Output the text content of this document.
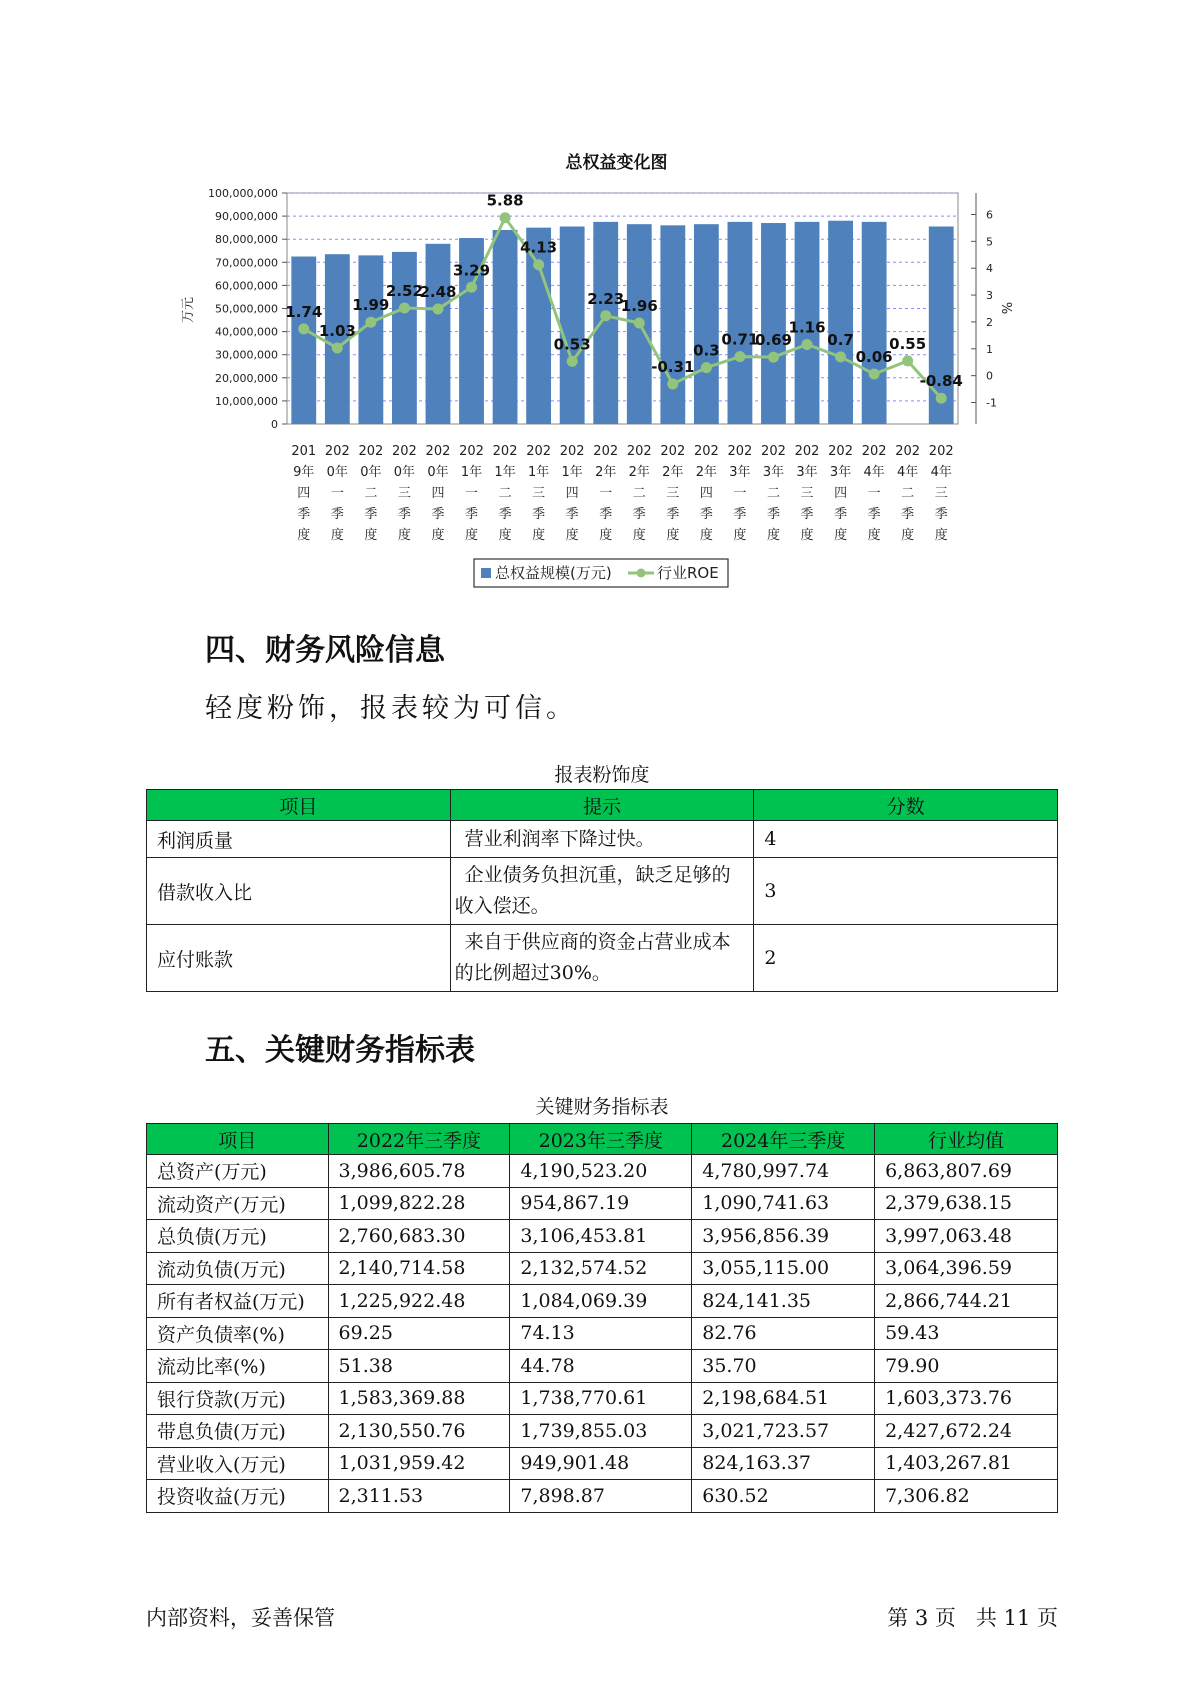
总权益变化图
100,000,000
90,000,000
80,000,000
70,000,000
60,000,000
50,000,000
40,000,000
30,000,000
20,000,000
10,000,000
0
万元
6
5
4
3
2
1
0
-1
%
201
9年
四
季
度
202
0年
一
季
度
202
0年
二
季
度
202
0年
三
季
度
202
0年
四
季
度
202
1年
一
季
度
202
1年
二
季
度
202
1年
三
季
度
202
1年
四
季
度
202
2年
一
季
度
202
2年
二
季
度
202
2年
三
季
度
202
2年
四
季
度
202
3年
一
季
度
202
3年
二
季
度
202
3年
三
季
度
202
3年
四
季
度
202
4年
一
季
度
202
4年
二
季
度
202
4年
三
季
度
1.74
1.03
1.99
2.52
2.48
3.29
5.88
4.13
0.53
2.23
1.96
-0.31
0.3
0.71
0.69
1.16
0.7
0.06
0.55
-0.84
总权益规模(万元)	行业ROE
四、财务风险信息

轻度粉饰，报表较为可信。

报表粉饰度

项目	提示	分数
利润质量	营业利润率下降过快。	4
借款收入比	企业债务负担沉重，缺乏足够的收入偿还。	3
应付账款	来自于供应商的资金占营业成本的比例超过30%。	2
五、关键财务指标表

关键财务指标表

项目	2022年三季度	2023年三季度	2024年三季度	行业均值
总资产(万元)	3,986,605.78	4,190,523.20	4,780,997.74	6,863,807.69
流动资产(万元)	1,099,822.28	954,867.19	1,090,741.63	2,379,638.15
总负债(万元)	2,760,683.30	3,106,453.81	3,956,856.39	3,997,063.48
流动负债(万元)	2,140,714.58	2,132,574.52	3,055,115.00	3,064,396.59
所有者权益(万元)	1,225,922.48	1,084,069.39	824,141.35	2,866,744.21
资产负债率(%)	69.25	74.13	82.76	59.43
流动比率(%)	51.38	44.78	35.70	79.90
银行贷款(万元)	1,583,369.88	1,738,770.61	2,198,684.51	1,603,373.76
带息负债(万元)	2,130,550.76	1,739,855.03	3,021,723.57	2,427,672.24
营业收入(万元)	1,031,959.42	949,901.48	824,163.37	1,403,267.81
投资收益(万元)	2,311.53	7,898.87	630.52	7,306.82

内部资料，妥善保管	第 3 页   共 11 页
